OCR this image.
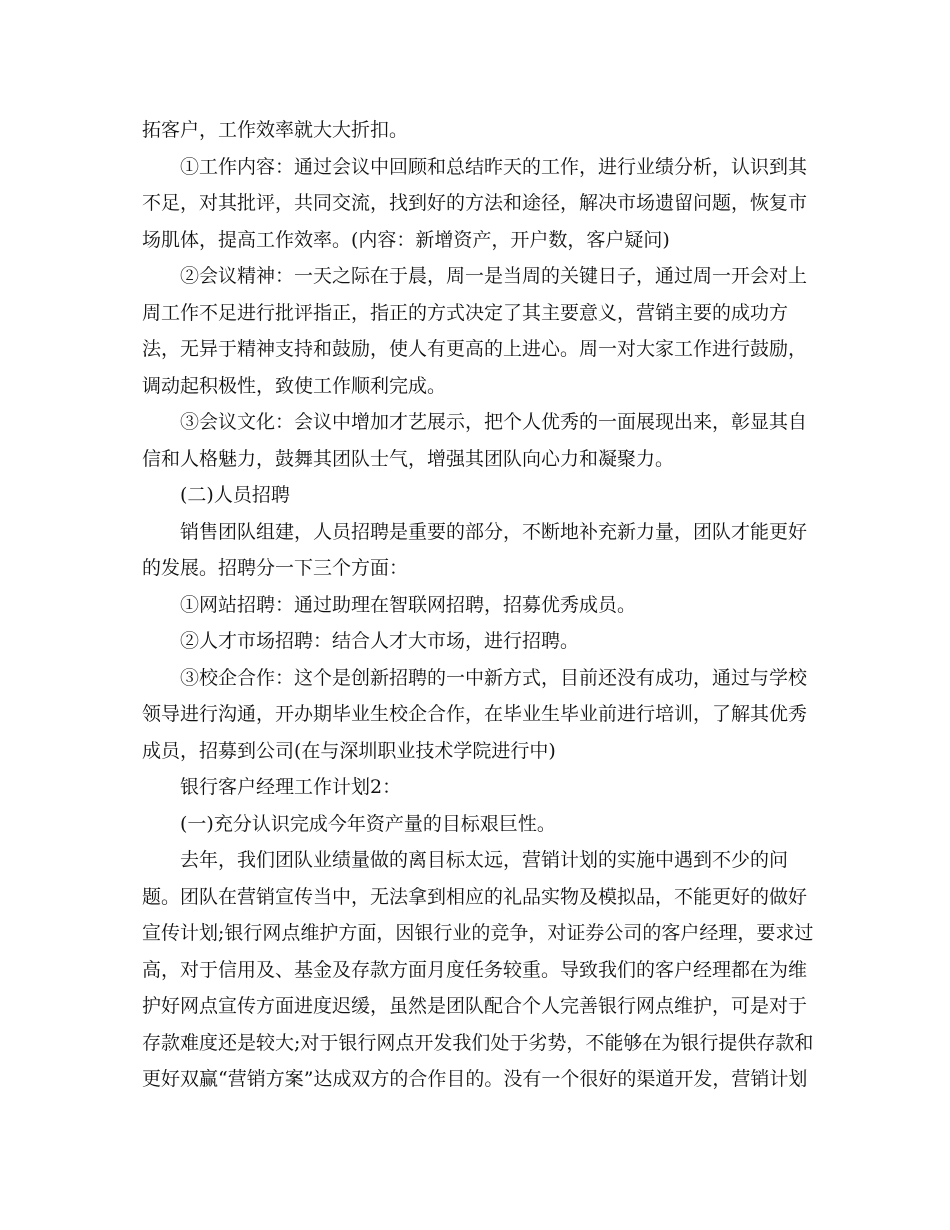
拓客户，工作效率就大大折扣。
①工作内容：通过会议中回顾和总结昨天的工作，进行业绩分析，认识到其
不足，对其批评，共同交流，找到好的方法和途径，解决市场遗留问题，恢复市
场肌体，提高工作效率。(内容：新增资产，开户数，客户疑问)
②会议精神：一天之际在于晨，周一是当周的关键日子，通过周一开会对上
周工作不足进行批评指正，指正的方式决定了其主要意义，营销主要的成功方
法，无异于精神支持和鼓励，使人有更高的上进心。周一对大家工作进行鼓励，
调动起积极性，致使工作顺利完成。
③会议文化：会议中增加才艺展示，把个人优秀的一面展现出来，彰显其自
信和人格魅力，鼓舞其团队士气，增强其团队向心力和凝聚力。
(二)人员招聘
销售团队组建，人员招聘是重要的部分，不断地补充新力量，团队才能更好
的发展。招聘分一下三个方面：
①网站招聘：通过助理在智联网招聘，招募优秀成员。
②人才市场招聘：结合人才大市场，进行招聘。
③校企合作：这个是创新招聘的一中新方式，目前还没有成功，通过与学校
领导进行沟通，开办期毕业生校企合作，在毕业生毕业前进行培训，了解其优秀
成员，招募到公司(在与深圳职业技术学院进行中)
银行客户经理工作计划2：
(一)充分认识完成今年资产量的目标艰巨性。
去年，我们团队业绩量做的离目标太远，营销计划的实施中遇到不少的问
题。团队在营销宣传当中，无法拿到相应的礼品实物及模拟品，不能更好的做好
宣传计划;银行网点维护方面，因银行业的竞争，对证券公司的客户经理，要求过
高，对于信用及、基金及存款方面月度任务较重。导致我们的客户经理都在为维
护好网点宣传方面进度迟缓，虽然是团队配合个人完善银行网点维护，可是对于
存款难度还是较大;对于银行网点开发我们处于劣势，不能够在为银行提供存款和
更好双赢“营销方案”达成双方的合作目的。没有一个很好的渠道开发，营销计划
